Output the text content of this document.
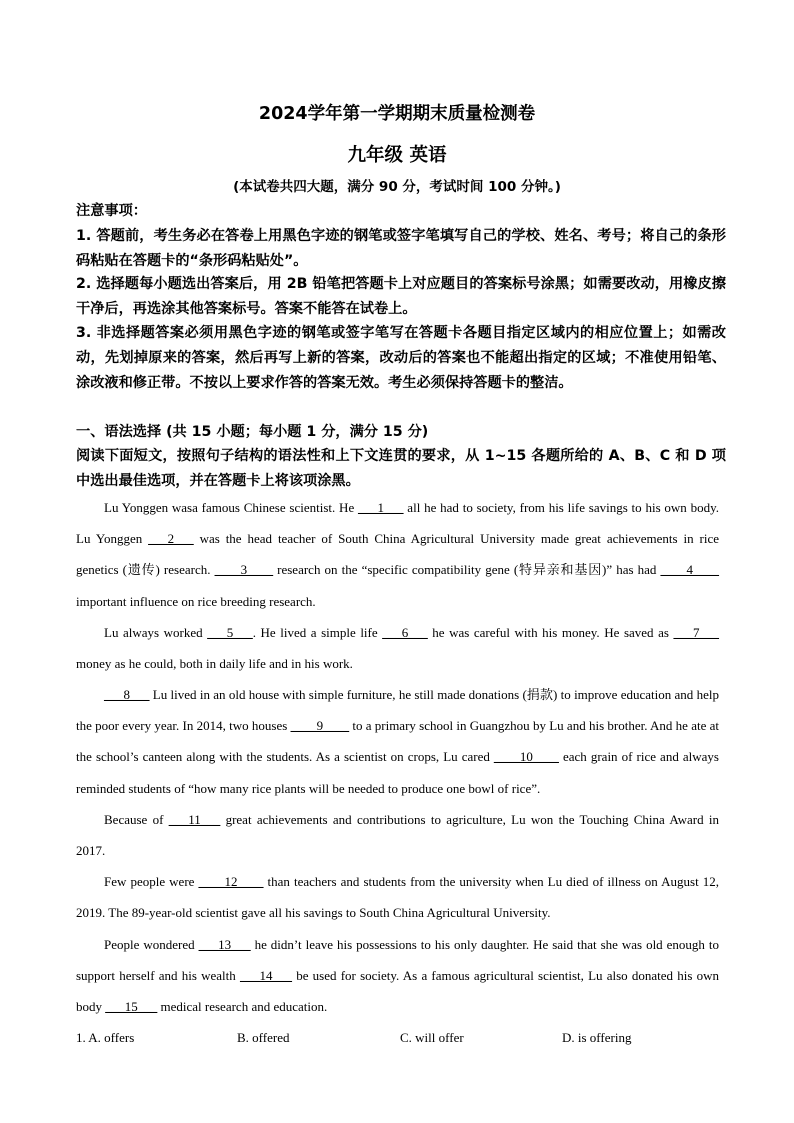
2024学年第一学期期末质量检测卷
九年级 英语
(本试卷共四大题，满分 90 分，考试时间 100 分钟。)
注意事项：
1. 答题前，考生务必在答卷上用黑色字迹的钢笔或签字笔填写自己的学校、姓名、考号；将自己的条形码粘贴在答题卡的“条形码粘贴处”。
2. 选择题每小题选出答案后，用 2B 铅笔把答题卡上对应题目的答案标号涂黑；如需要改动，用橡皮擦干净后，再选涂其他答案标号。答案不能答在试卷上。
3. 非选择题答案必须用黑色字迹的钢笔或签字笔写在答题卡各题目指定区域内的相应位置上；如需改动，先划掉原来的答案，然后再写上新的答案，改动后的答案也不能超出指定的区域；不准使用铅笔、涂改液和修正带。不按以上要求作答的答案无效。考生必须保持答题卡的整洁。
一、语法选择 (共 15 小题；每小题 1 分，满分 15 分)
阅读下面短文，按照句子结构的语法性和上下文连贯的要求，从 1~15 各题所给的 A、B、C 和 D 项中选出最佳选项，并在答题卡上将该项涂黑。
Lu Yonggen wasa famous Chinese scientist. He ___1___ all he had to society, from his life savings to his own body. Lu Yonggen ___2___ was the head teacher of South China Agricultural University made great achievements in rice genetics (遗传) research. ____3____ research on the “specific compatibility gene (特异亲和基因)” has had ____4____ important influence on rice breeding research.
Lu always worked ___5___. He lived a simple life ___6___ he was careful with his money. He saved as ___7___ money as he could, both in daily life and in his work.
___8___ Lu lived in an old house with simple furniture, he still made donations (捐款) to improve education and help the poor every year. In 2014, two houses ____9____ to a primary school in Guangzhou by Lu and his brother. And he ate at the school’s canteen along with the students. As a scientist on crops, Lu cared ____10____ each grain of rice and always reminded students of “how many rice plants will be needed to produce one bowl of rice”.
Because of ___11___ great achievements and contributions to agriculture, Lu won the Touching China Award in 2017.
Few people were ____12____ than teachers and students from the university when Lu died of illness on August 12, 2019. The 89-year-old scientist gave all his savings to South China Agricultural University.
People wondered ___13___ he didn’t leave his possessions to his only daughter. He said that she was old enough to support herself and his wealth ___14___ be used for society. As a famous agricultural scientist, Lu also donated his own body ___15___ medical research and education.
1. A. offers	B. offered	C. will offer	D. is offering
